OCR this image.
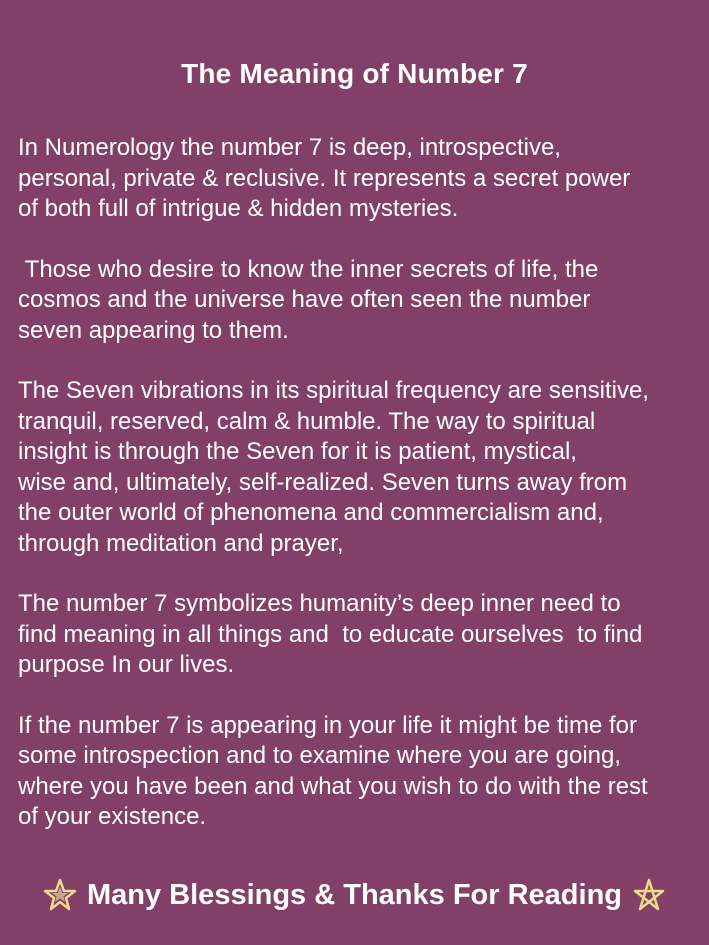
The Meaning of Number 7
In Numerology the number 7 is deep, introspective,
personal, private & reclusive. It represents a secret power
of both full of intrigue & hidden mysteries.
Those who desire to know the inner secrets of life, the
cosmos and the universe have often seen the number
seven appearing to them.
The Seven vibrations in its spiritual frequency are sensitive,
tranquil, reserved, calm & humble. The way to spiritual
insight is through the Seven for it is patient, mystical,
wise and, ultimately, self-realized. Seven turns away from
the outer world of phenomena and commercialism and,
through meditation and prayer,
The number 7 symbolizes humanity’s deep inner need to
find meaning in all things and  to educate ourselves  to find
purpose In our lives.
If the number 7 is appearing in your life it might be time for
some introspection and to examine where you are going,
where you have been and what you wish to do with the rest
of your existence.
Many Blessings & Thanks For Reading
